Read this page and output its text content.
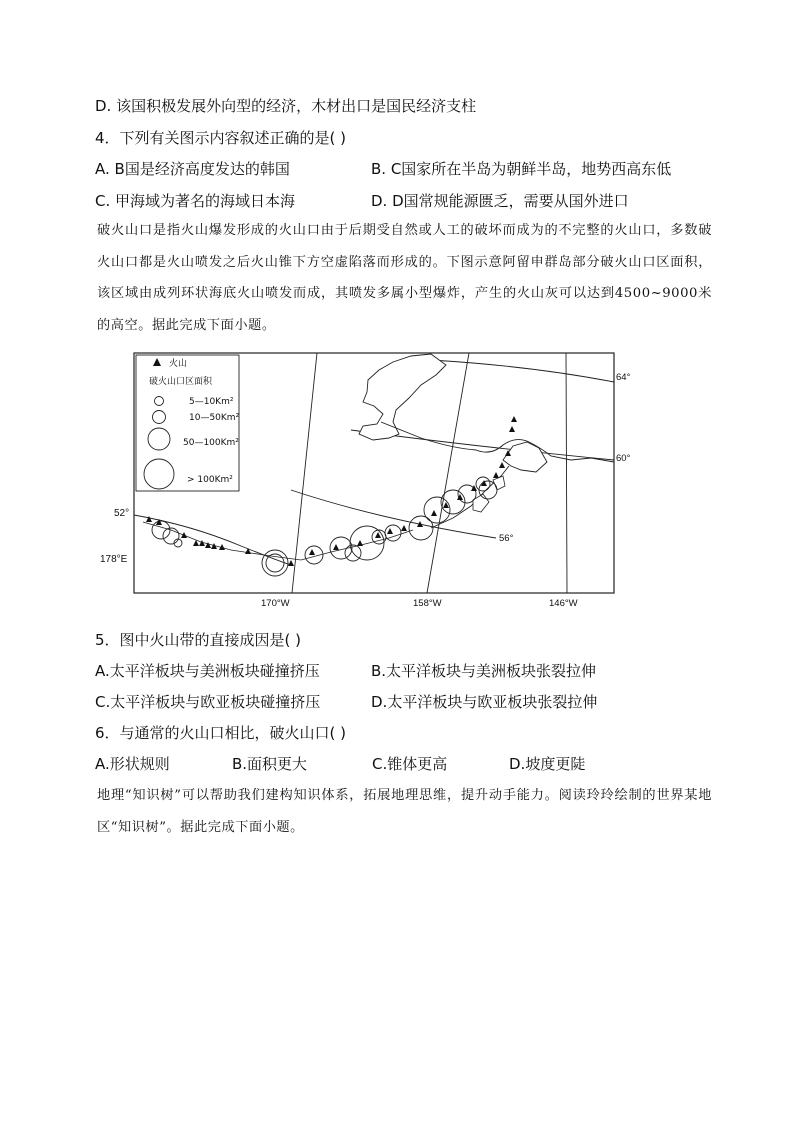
D. 该国积极发展外向型的经济，木材出口是国民经济支柱
4．下列有关图示内容叙述正确的是( )
A. B国是经济高度发达的韩国	B. C国家所在半岛为朝鲜半岛，地势西高东低
C. 甲海域为著名的海域日本海	D. D国常规能源匮乏，需要从国外进口
破火山口是指火山爆发形成的火山口由于后期受自然或人工的破坏而成为的不完整的火山口，多数破火山口都是火山喷发之后火山锥下方空虚陷落而形成的。下图示意阿留申群岛部分破火山口区面积，该区域由成列环状海底火山喷发而成，其喷发多属小型爆炸，产生的火山灰可以达到4500~9000米的高空。据此完成下面小题。
火山
破火山口区面积
5—10Km²
10—50Km²
50—100Km²
> 100Km²
64°
60°
56°
170°W	158°W	146°W
52°
178°E
5．图中火山带的直接成因是( )
A.太平洋板块与美洲板块碰撞挤压	B.太平洋板块与美洲板块张裂拉伸
C.太平洋板块与欧亚板块碰撞挤压	D.太平洋板块与欧亚板块张裂拉伸
6．与通常的火山口相比，破火山口( )
A.形状规则	B.面积更大	C.锥体更高	D.坡度更陡
地理“知识树”可以帮助我们建构知识体系，拓展地理思维，提升动手能力。阅读玲玲绘制的世界某地区“知识树”。据此完成下面小题。
